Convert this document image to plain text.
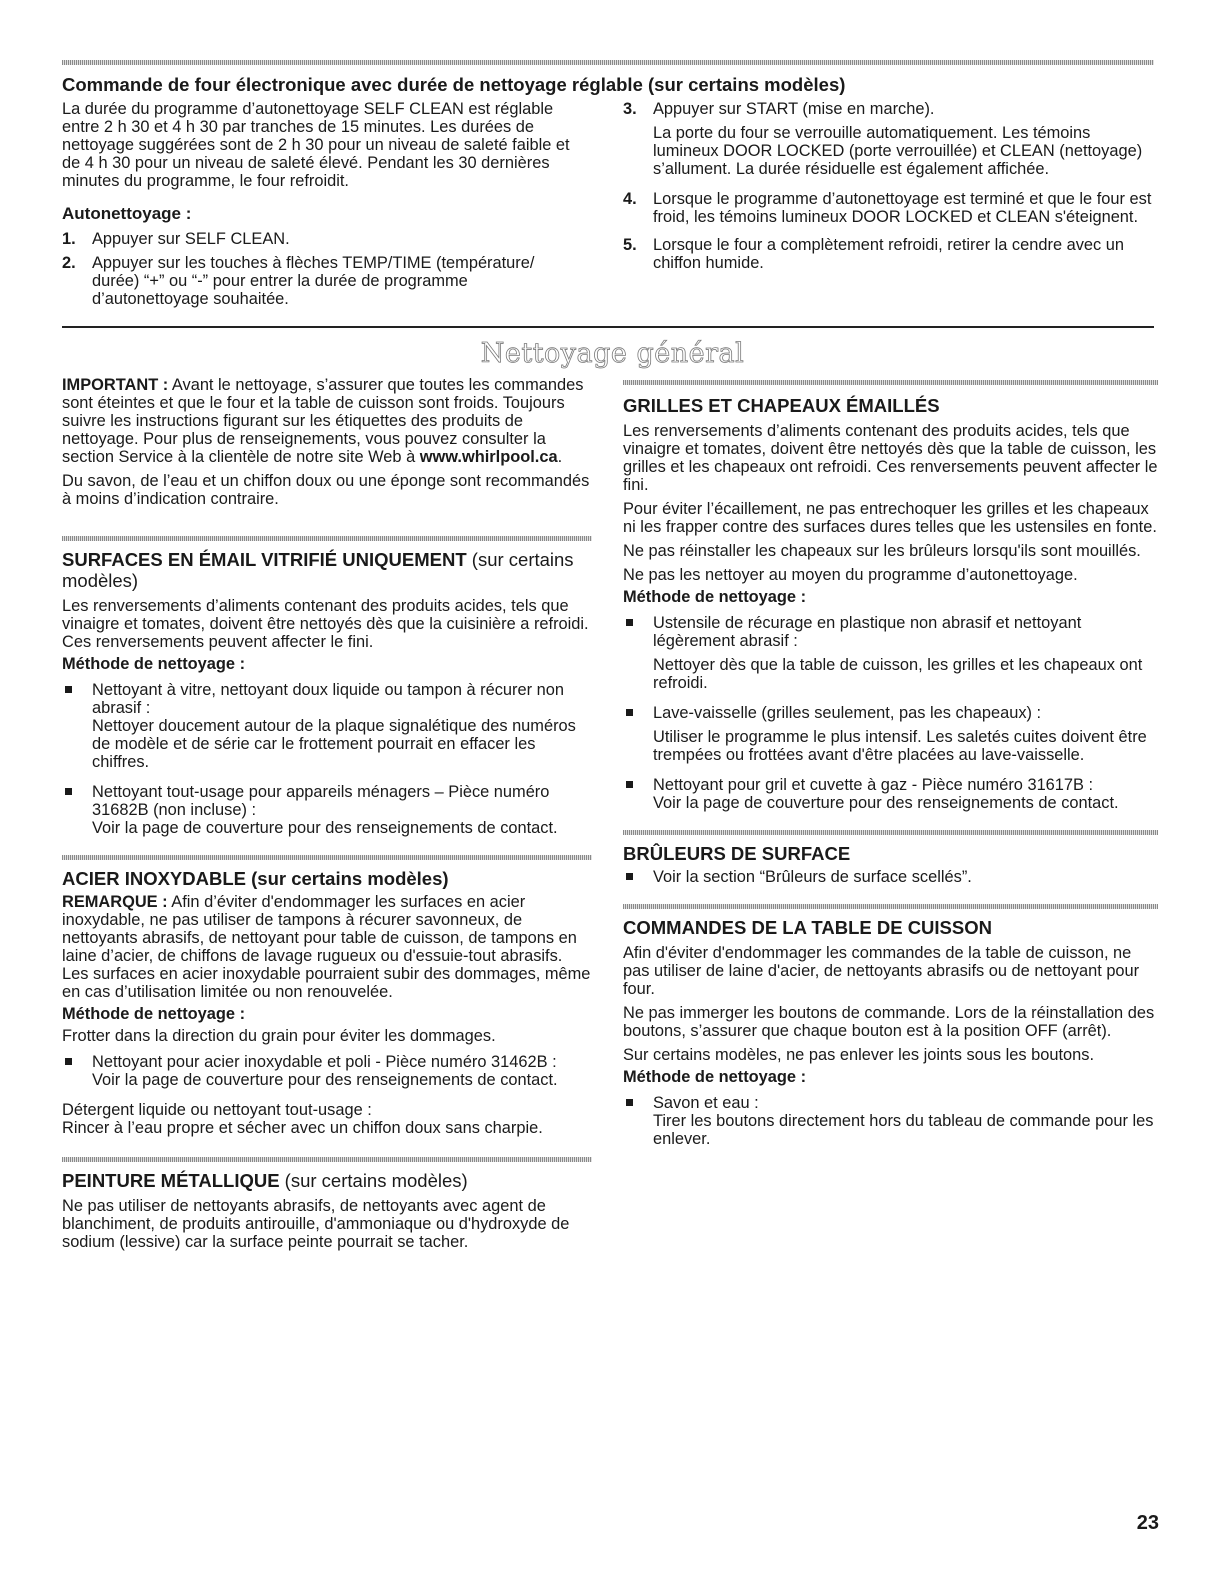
Commande de four électronique avec durée de nettoyage réglable (sur certains modèles)

La durée du programme d’autonettoyage SELF CLEAN est réglable entre 2 h 30 et 4 h 30 par tranches de 15 minutes. Les durées de nettoyage suggérées sont de 2 h 30 pour un niveau de saleté faible et de 4 h 30 pour un niveau de saleté élevé. Pendant les 30 dernières minutes du programme, le four refroidit.

Autonettoyage :

1. Appuyer sur SELF CLEAN.
2. Appuyer sur les touches à flèches TEMP/TIME (température/ durée) “+” ou “-” pour entrer la durée de programme d’autonettoyage souhaitée.
3. Appuyer sur START (mise en marche).

La porte du four se verrouille automatiquement. Les témoins lumineux DOOR LOCKED (porte verrouillée) et CLEAN (nettoyage) s’allument. La durée résiduelle est également affichée.

4. Lorsque le programme d’autonettoyage est terminé et que le four est froid, les témoins lumineux DOOR LOCKED et CLEAN s'éteignent.
5. Lorsque le four a complètement refroidi, retirer la cendre avec un chiffon humide.
Nettoyage général

IMPORTANT : Avant le nettoyage, s’assurer que toutes les commandes sont éteintes et que le four et la table de cuisson sont froids. Toujours suivre les instructions figurant sur les étiquettes des produits de nettoyage. Pour plus de renseignements, vous pouvez consulter la section Service à la clientèle de notre site Web à www.whirlpool.ca.

Du savon, de l’eau et un chiffon doux ou une éponge sont recommandés à moins d’indication contraire.

SURFACES EN ÉMAIL VITRIFIÉ UNIQUEMENT (sur certains modèles)

Les renversements d’aliments contenant des produits acides, tels que vinaigre et tomates, doivent être nettoyés dès que la cuisinière a refroidi. Ces renversements peuvent affecter le fini.

Méthode de nettoyage :

Nettoyant à vitre, nettoyant doux liquide ou tampon à récurer non abrasif :
Nettoyer doucement autour de la plaque signalétique des numéros de modèle et de série car le frottement pourrait en effacer les chiffres.
Nettoyant tout-usage pour appareils ménagers – Pièce numéro 31682B (non incluse) :
Voir la page de couverture pour des renseignements de contact.

ACIER INOXYDABLE (sur certains modèles)

REMARQUE : Afin d’éviter d'endommager les surfaces en acier inoxydable, ne pas utiliser de tampons à récurer savonneux, de nettoyants abrasifs, de nettoyant pour table de cuisson, de tampons en laine d’acier, de chiffons de lavage rugueux ou d'essuie-tout abrasifs. Les surfaces en acier inoxydable pourraient subir des dommages, même en cas d’utilisation limitée ou non renouvelée.

Méthode de nettoyage :

Frotter dans la direction du grain pour éviter les dommages.

Nettoyant pour acier inoxydable et poli - Pièce numéro 31462B :
Voir la page de couverture pour des renseignements de contact.

Détergent liquide ou nettoyant tout-usage :

Rincer à l’eau propre et sécher avec un chiffon doux sans charpie.

PEINTURE MÉTALLIQUE (sur certains modèles)

Ne pas utiliser de nettoyants abrasifs, de nettoyants avec agent de blanchiment, de produits antirouille, d'ammoniaque ou d'hydroxyde de sodium (lessive) car la surface peinte pourrait se tacher.

GRILLES ET CHAPEAUX ÉMAILLÉS

Les renversements d’aliments contenant des produits acides, tels que vinaigre et tomates, doivent être nettoyés dès que la table de cuisson, les grilles et les chapeaux ont refroidi. Ces renversements peuvent affecter le fini.

Pour éviter l’écaillement, ne pas entrechoquer les grilles et les chapeaux ni les frapper contre des surfaces dures telles que les ustensiles en fonte.

Ne pas réinstaller les chapeaux sur les brûleurs lorsqu'ils sont mouillés.

Ne pas les nettoyer au moyen du programme d’autonettoyage.

Méthode de nettoyage :

Ustensile de récurage en plastique non abrasif et nettoyant légèrement abrasif :
Nettoyer dès que la table de cuisson, les grilles et les chapeaux ont refroidi.
Lave-vaisselle (grilles seulement, pas les chapeaux) :
Utiliser le programme le plus intensif. Les saletés cuites doivent être trempées ou frottées avant d'être placées au lave-vaisselle.
Nettoyant pour gril et cuvette à gaz - Pièce numéro 31617B :
Voir la page de couverture pour des renseignements de contact.

BRÛLEURS DE SURFACE

Voir la section “Brûleurs de surface scellés”.

COMMANDES DE LA TABLE DE CUISSON

Afin d'éviter d'endommager les commandes de la table de cuisson, ne pas utiliser de laine d'acier, de nettoyants abrasifs ou de nettoyant pour four.

Ne pas immerger les boutons de commande. Lors de la réinstallation des boutons, s’assurer que chaque bouton est à la position OFF (arrêt).

Sur certains modèles, ne pas enlever les joints sous les boutons.

Méthode de nettoyage :

Savon et eau :
Tirer les boutons directement hors du tableau de commande pour les enlever.
23
